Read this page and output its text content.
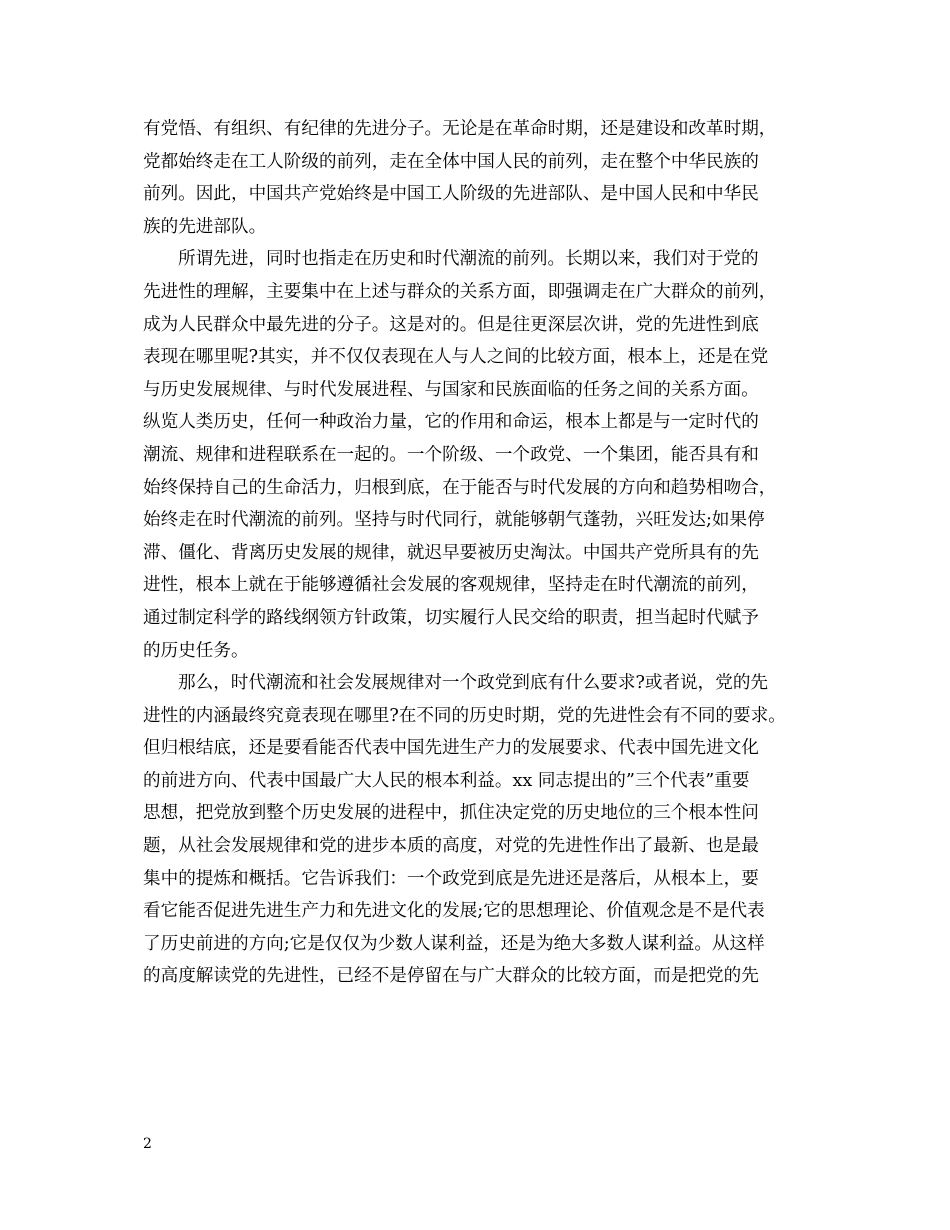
有党悟、有组织、有纪律的先进分子。无论是在革命时期，还是建设和改革时期，
党都始终走在工人阶级的前列，走在全体中国人民的前列，走在整个中华民族的
前列。因此，中国共产党始终是中国工人阶级的先进部队、是中国人民和中华民
族的先进部队。
所谓先进，同时也指走在历史和时代潮流的前列。长期以来，我们对于党的
先进性的理解，主要集中在上述与群众的关系方面，即强调走在广大群众的前列，
成为人民群众中最先进的分子。这是对的。但是往更深层次讲，党的先进性到底
表现在哪里呢?其实，并不仅仅表现在人与人之间的比较方面，根本上，还是在党
与历史发展规律、与时代发展进程、与国家和民族面临的任务之间的关系方面。
纵览人类历史，任何一种政治力量，它的作用和命运，根本上都是与一定时代的
潮流、规律和进程联系在一起的。一个阶级、一个政党、一个集团，能否具有和
始终保持自己的生命活力，归根到底，在于能否与时代发展的方向和趋势相吻合，
始终走在时代潮流的前列。坚持与时代同行，就能够朝气蓬勃，兴旺发达;如果停
滞、僵化、背离历史发展的规律，就迟早要被历史淘汰。中国共产党所具有的先
进性，根本上就在于能够遵循社会发展的客观规律，坚持走在时代潮流的前列，
通过制定科学的路线纲领方针政策，切实履行人民交给的职责，担当起时代赋予
的历史任务。
那么，时代潮流和社会发展规律对一个政党到底有什么要求?或者说，党的先
进性的内涵最终究竟表现在哪里?在不同的历史时期，党的先进性会有不同的要求。
但归根结底，还是要看能否代表中国先进生产力的发展要求、代表中国先进文化
的前进方向、代表中国最广大人民的根本利益。xx 同志提出的”三个代表”重要
思想，把党放到整个历史发展的进程中，抓住决定党的历史地位的三个根本性问
题，从社会发展规律和党的进步本质的高度，对党的先进性作出了最新、也是最
集中的提炼和概括。它告诉我们：一个政党到底是先进还是落后，从根本上，要
看它能否促进先进生产力和先进文化的发展;它的思想理论、价值观念是不是代表
了历史前进的方向;它是仅仅为少数人谋利益，还是为绝大多数人谋利益。从这样
的高度解读党的先进性，已经不是停留在与广大群众的比较方面，而是把党的先
2
